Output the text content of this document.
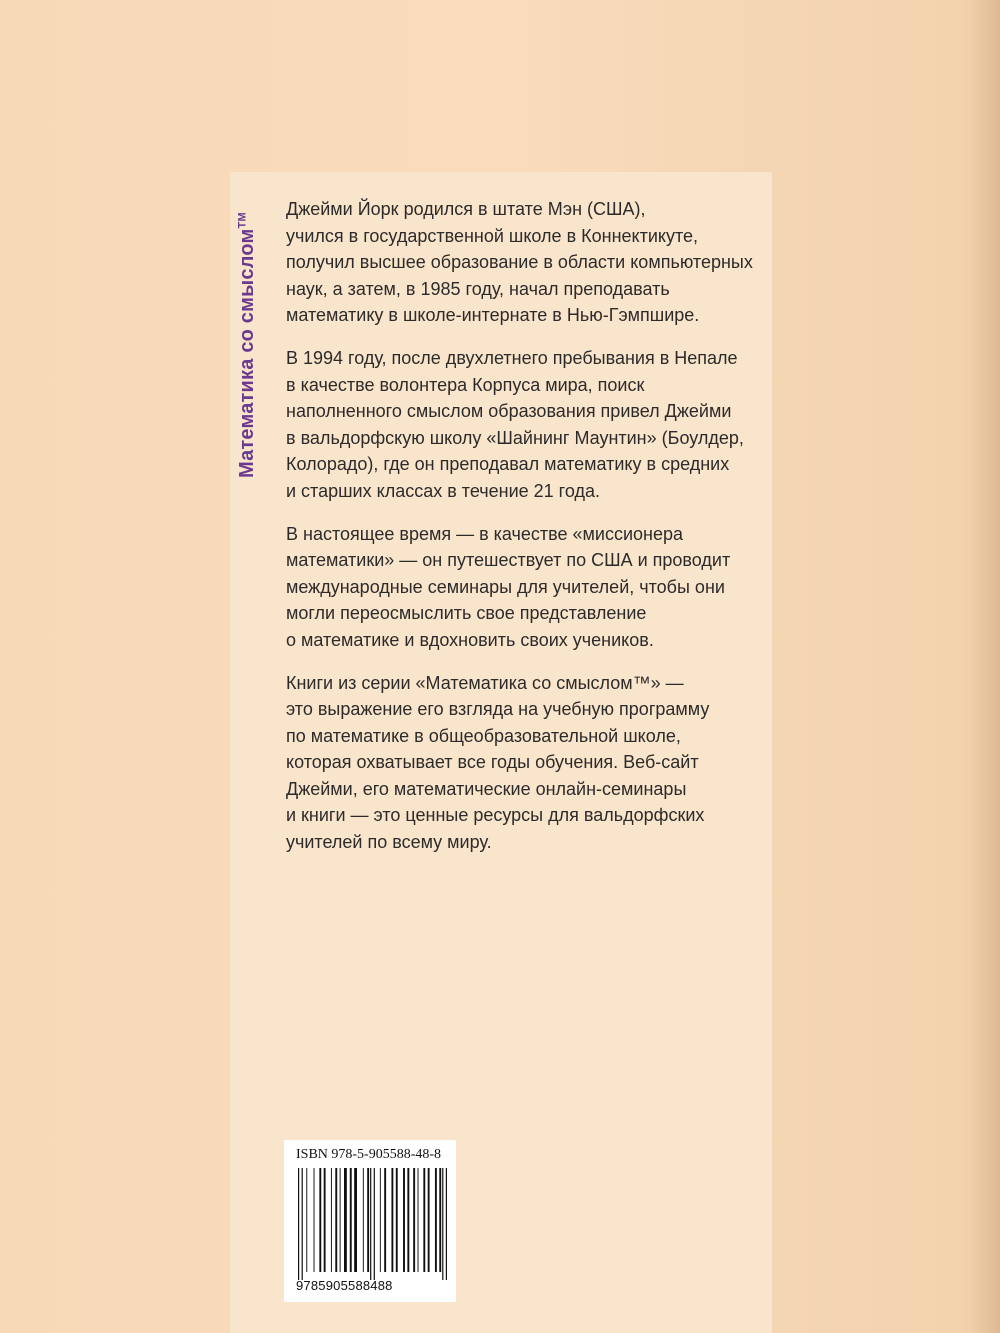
Математика со смыслом™

Джейми Йорк родился в штате Мэн (США),
учился в государственной школе в Коннектикуте,
получил высшее образование в области компьютерных
наук, а затем, в 1985 году, начал преподавать
математику в школе-интернате в Нью-Гэмпшире.

В 1994 году, после двухлетнего пребывания в Непале
в качестве волонтера Корпуса мира, поиск
наполненного смыслом образования привел Джейми
в вальдорфскую школу «Шайнинг Маунтин» (Боулдер,
Колорадо), где он преподавал математику в средних
и старших классах в течение 21 года.

В настоящее время — в качестве «миссионера
математики» — он путешествует по США и проводит
международные семинары для учителей, чтобы они
могли переосмыслить свое представление
о математике и вдохновить своих учеников.

Книги из серии «Математика со смыслом™» —
это выражение его взгляда на учебную программу
по математике в общеобразовательной школе,
которая охватывает все годы обучения. Веб-сайт
Джейми, его математические онлайн-семинары
и книги — это ценные ресурсы для вальдорфских
учителей по всему миру.

ISBN 978-5-905588-48-8
9785905588488
